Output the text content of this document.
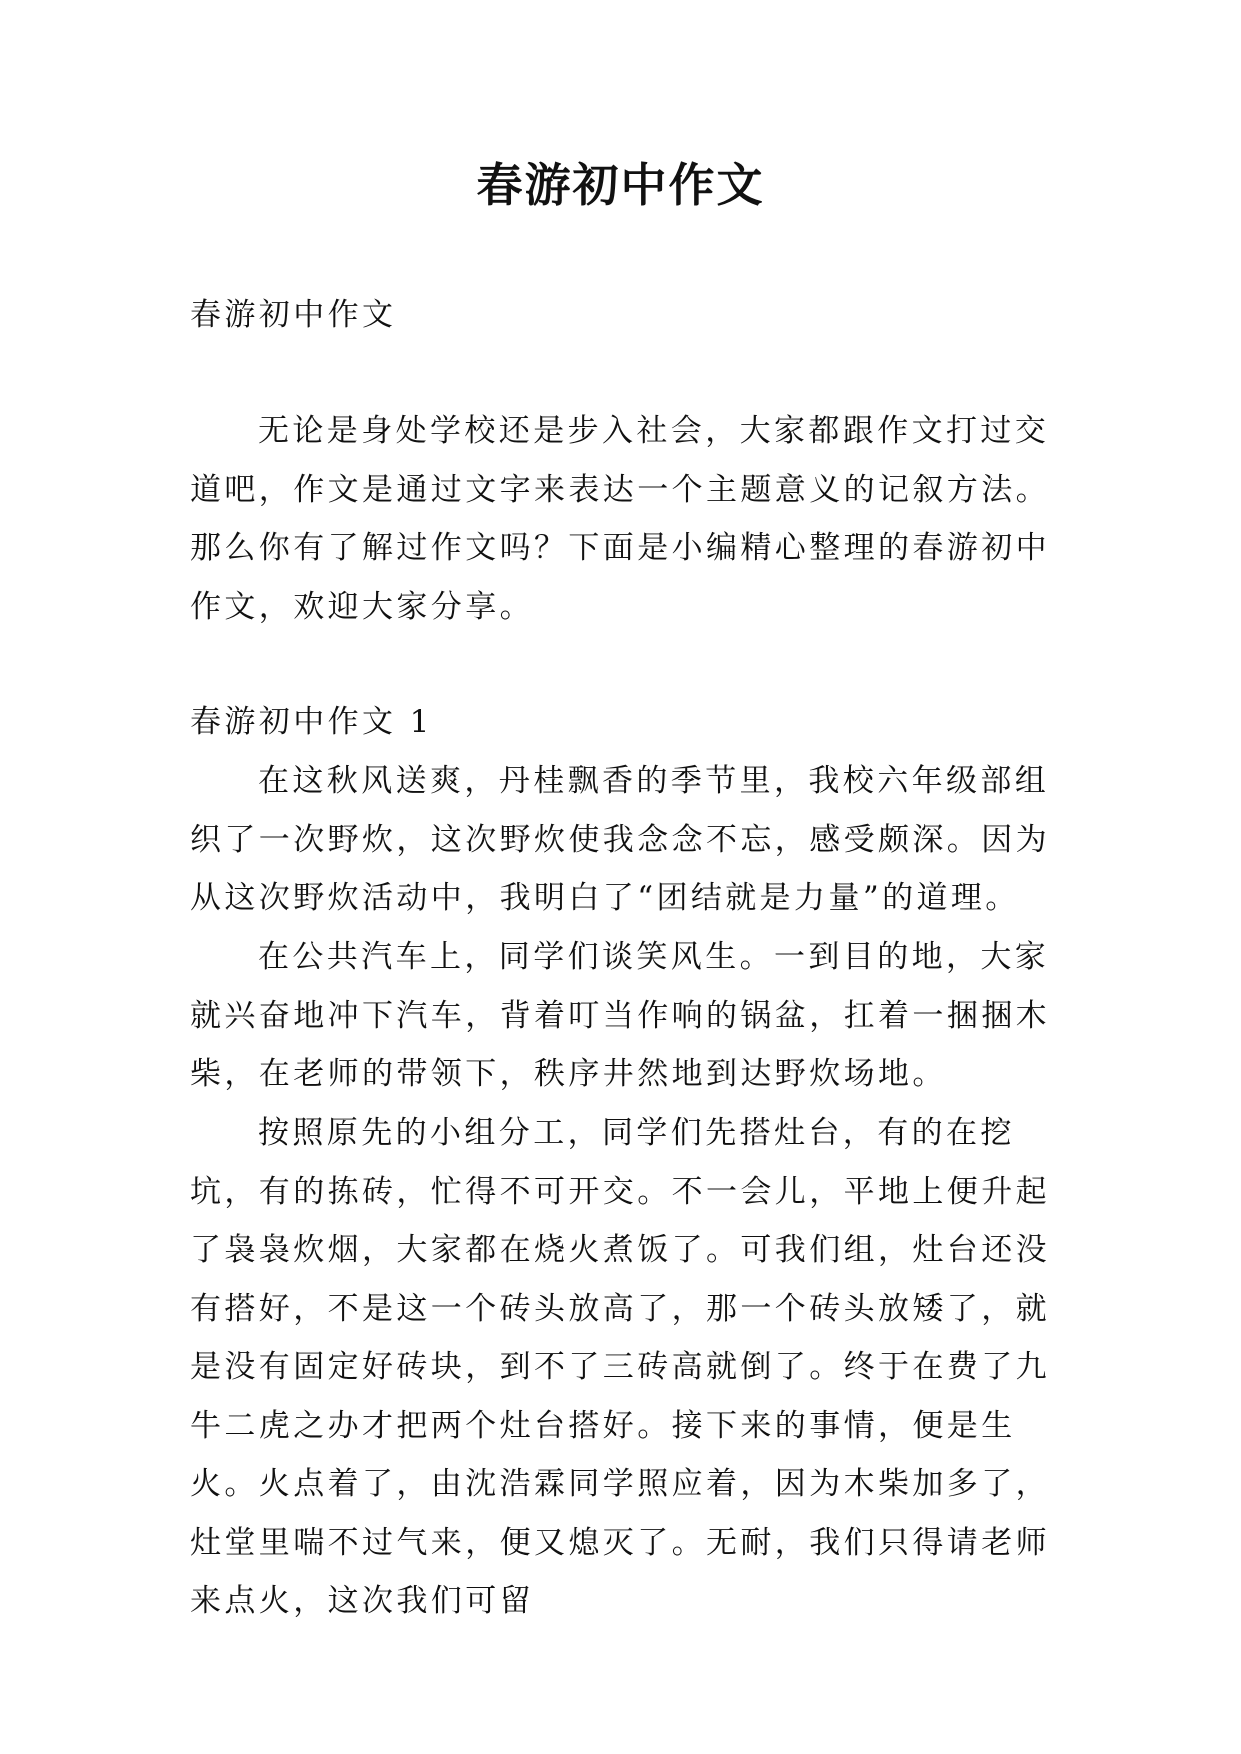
春游初中作文

春游初中作文

无论是身处学校还是步入社会，大家都跟作文打过交道吧，作文是通过文字来表达一个主题意义的记叙方法。那么你有了解过作文吗？下面是小编精心整理的春游初中作文，欢迎大家分享。

春游初中作文 1

在这秋风送爽，丹桂飘香的季节里，我校六年级部组织了一次野炊，这次野炊使我念念不忘，感受颇深。因为从这次野炊活动中，我明白了“团结就是力量”的道理。

在公共汽车上，同学们谈笑风生。一到目的地，大家就兴奋地冲下汽车，背着叮当作响的锅盆，扛着一捆捆木柴，在老师的带领下，秩序井然地到达野炊场地。

按照原先的小组分工，同学们先搭灶台，有的在挖坑，有的拣砖，忙得不可开交。不一会儿，平地上便升起了袅袅炊烟，大家都在烧火煮饭了。可我们组，灶台还没有搭好，不是这一个砖头放高了，那一个砖头放矮了，就是没有固定好砖块，到不了三砖高就倒了。终于在费了九牛二虎之办才把两个灶台搭好。接下来的事情，便是生火。火点着了，由沈浩霖同学照应着，因为木柴加多了，灶堂里喘不过气来，便又熄灭了。无耐，我们只得请老师来点火，这次我们可留
